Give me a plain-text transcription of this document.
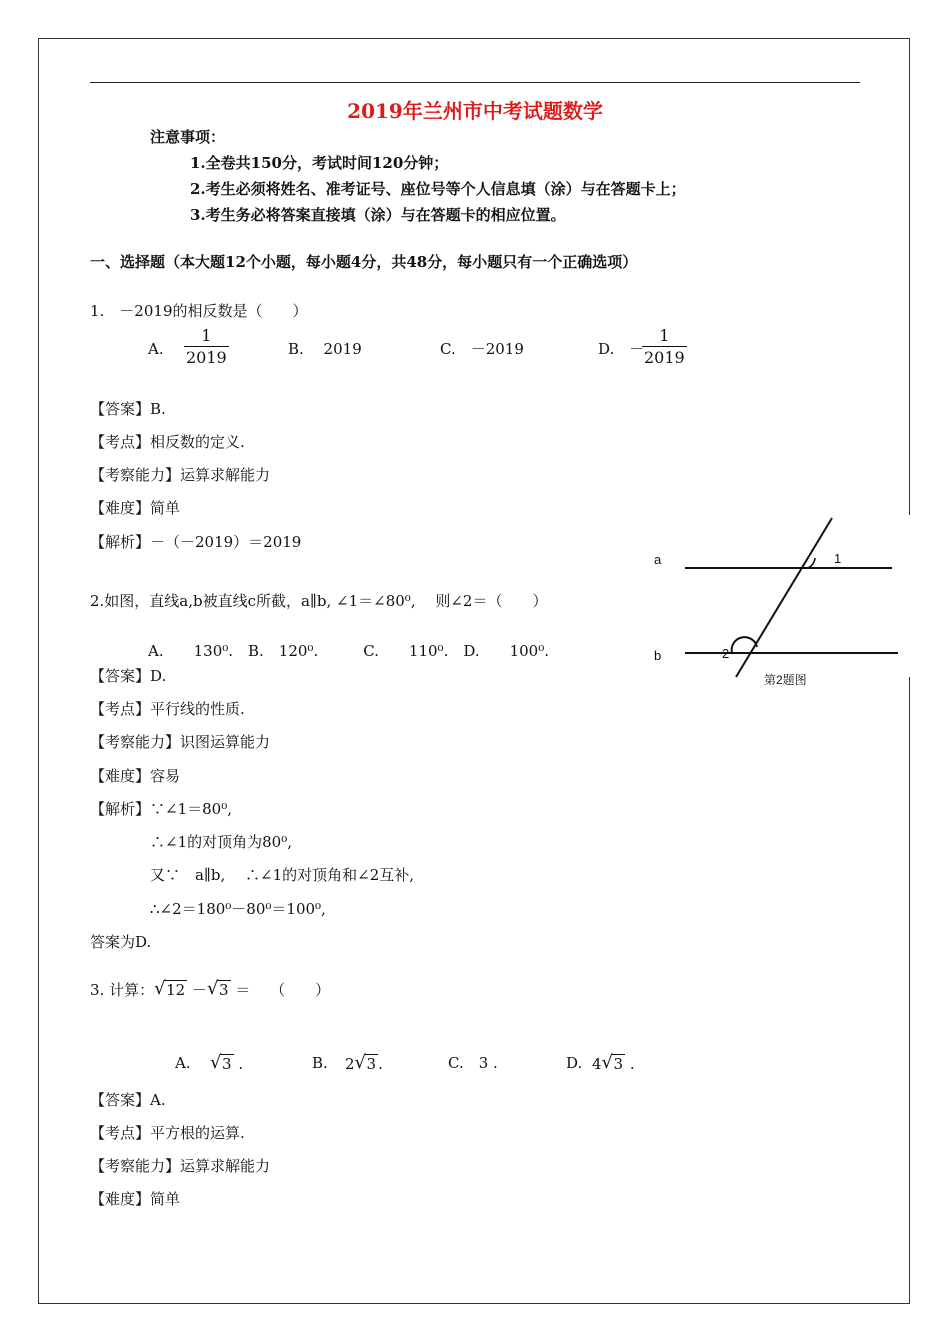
2019年兰州市中考试题数学
注意事项：
1.全卷共150分，考试时间120分钟；
2.考生必须将姓名、准考证号、座位号等个人信息填（涂）与在答题卡上；
3.考生务必将答案直接填（涂）与在答题卡的相应位置。
一、选择题（本大题12个小题，每小题4分，共48分，每小题只有一个正确选项）
1.　－2019的相反数是（　　）
A. $\frac{1}{2019}$	B.　 2019	C.　－2019	D.　－
$\frac{1}{2019}$
【答案】B.
【考点】相反数的定义.
【考察能力】运算求解能力
【难度】简单
【解析】－（－2019）＝2019
a
b
1
2
第2题图
2.如图，直线a,b被直线c所截，a∥b, ∠1＝∠80⁰,　 则∠2＝（　　）
A.　　130⁰.　B.　120⁰.　　　C.　　110⁰.　D.　　100⁰.
【答案】D.
【考点】平行线的性质.
【考察能力】识图运算能力
【难度】容易
【解析】∵∠1＝80⁰,
∴∠1的对顶角为80⁰,
又∵　a∥b,　 ∴∠1的对顶角和∠2互补,
∴∠2＝180⁰－80⁰＝100⁰,
答案为D.
3. 计算： √ 12 － √ 3 ＝　 （　　）
A. √ 3 .	B. 2 √ 3 .	C.　3 .	D. 4 √ 3 .
【答案】A.
【考点】平方根的运算.
【考察能力】运算求解能力
【难度】简单
